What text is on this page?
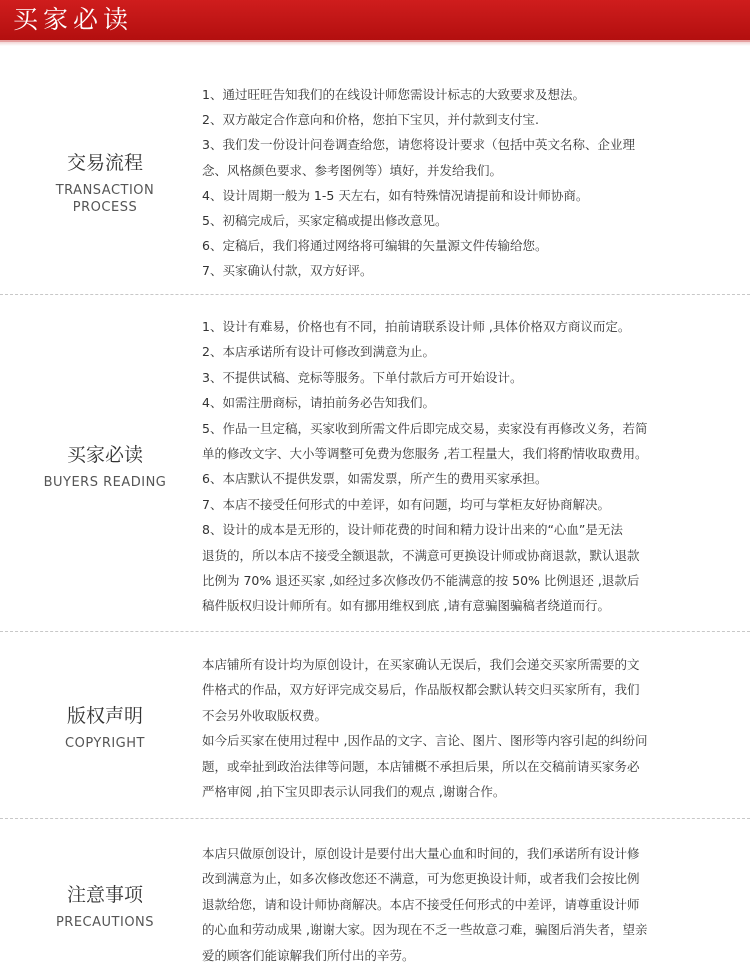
买家必读
交易流程
TRANSACTION
PROCESS

1、通过旺旺告知我们的在线设计师您需设计标志的大致要求及想法。

2、双方敲定合作意向和价格，您拍下宝贝，并付款到支付宝.

3、我们发一份设计问卷调查给您，请您将设计要求（包括中英文名称、企业理

念、风格颜色要求、参考图例等）填好，并发给我们。

4、设计周期一般为 1-5 天左右，如有特殊情况请提前和设计师协商。

5、初稿完成后，买家定稿或提出修改意见。

6、定稿后，我们将通过网络将可编辑的矢量源文件传输给您。

7、买家确认付款，双方好评。

买家必读
BUYERS READING

1、设计有难易，价格也有不同，拍前请联系设计师 ,具体价格双方商议而定。

2、本店承诺所有设计可修改到满意为止。

3、不提供试稿、竞标等服务。下单付款后方可开始设计。

4、如需注册商标，请拍前务必告知我们。

5、作品一旦定稿，买家收到所需文件后即完成交易，卖家没有再修改义务，若简

单的修改文字、大小等调整可免费为您服务 ,若工程量大，我们将酌情收取费用。

6、本店默认不提供发票，如需发票，所产生的费用买家承担。

7、本店不接受任何形式的中差评，如有问题，均可与掌柜友好协商解决。

8、设计的成本是无形的，设计师花费的时间和精力设计出来的“心血”是无法

退货的，所以本店不接受全额退款，不满意可更换设计师或协商退款，默认退款

比例为 70% 退还买家 ,如经过多次修改仍不能满意的按 50% 比例退还 ,退款后

稿件版权归设计师所有。如有挪用维权到底 ,请有意骗图骗稿者绕道而行。

版权声明
COPYRIGHT

本店铺所有设计均为原创设计，在买家确认无误后，我们会递交买家所需要的文

件格式的作品，双方好评完成交易后，作品版权都会默认转交归买家所有，我们

不会另外收取版权费。

如今后买家在使用过程中 ,因作品的文字、言论、图片、图形等内容引起的纠纷问

题，或牵扯到政治法律等问题，本店铺概不承担后果，所以在交稿前请买家务必

严格审阅 ,拍下宝贝即表示认同我们的观点 ,谢谢合作。

注意事项
PRECAUTIONS

本店只做原创设计，原创设计是要付出大量心血和时间的，我们承诺所有设计修

改到满意为止，如多次修改您还不满意，可为您更换设计师，或者我们会按比例

退款给您，请和设计师协商解决。本店不接受任何形式的中差评，请尊重设计师

的心血和劳动成果 ,谢谢大家。因为现在不乏一些故意刁难，骗图后消失者，望亲

爱的顾客们能谅解我们所付出的辛劳。
